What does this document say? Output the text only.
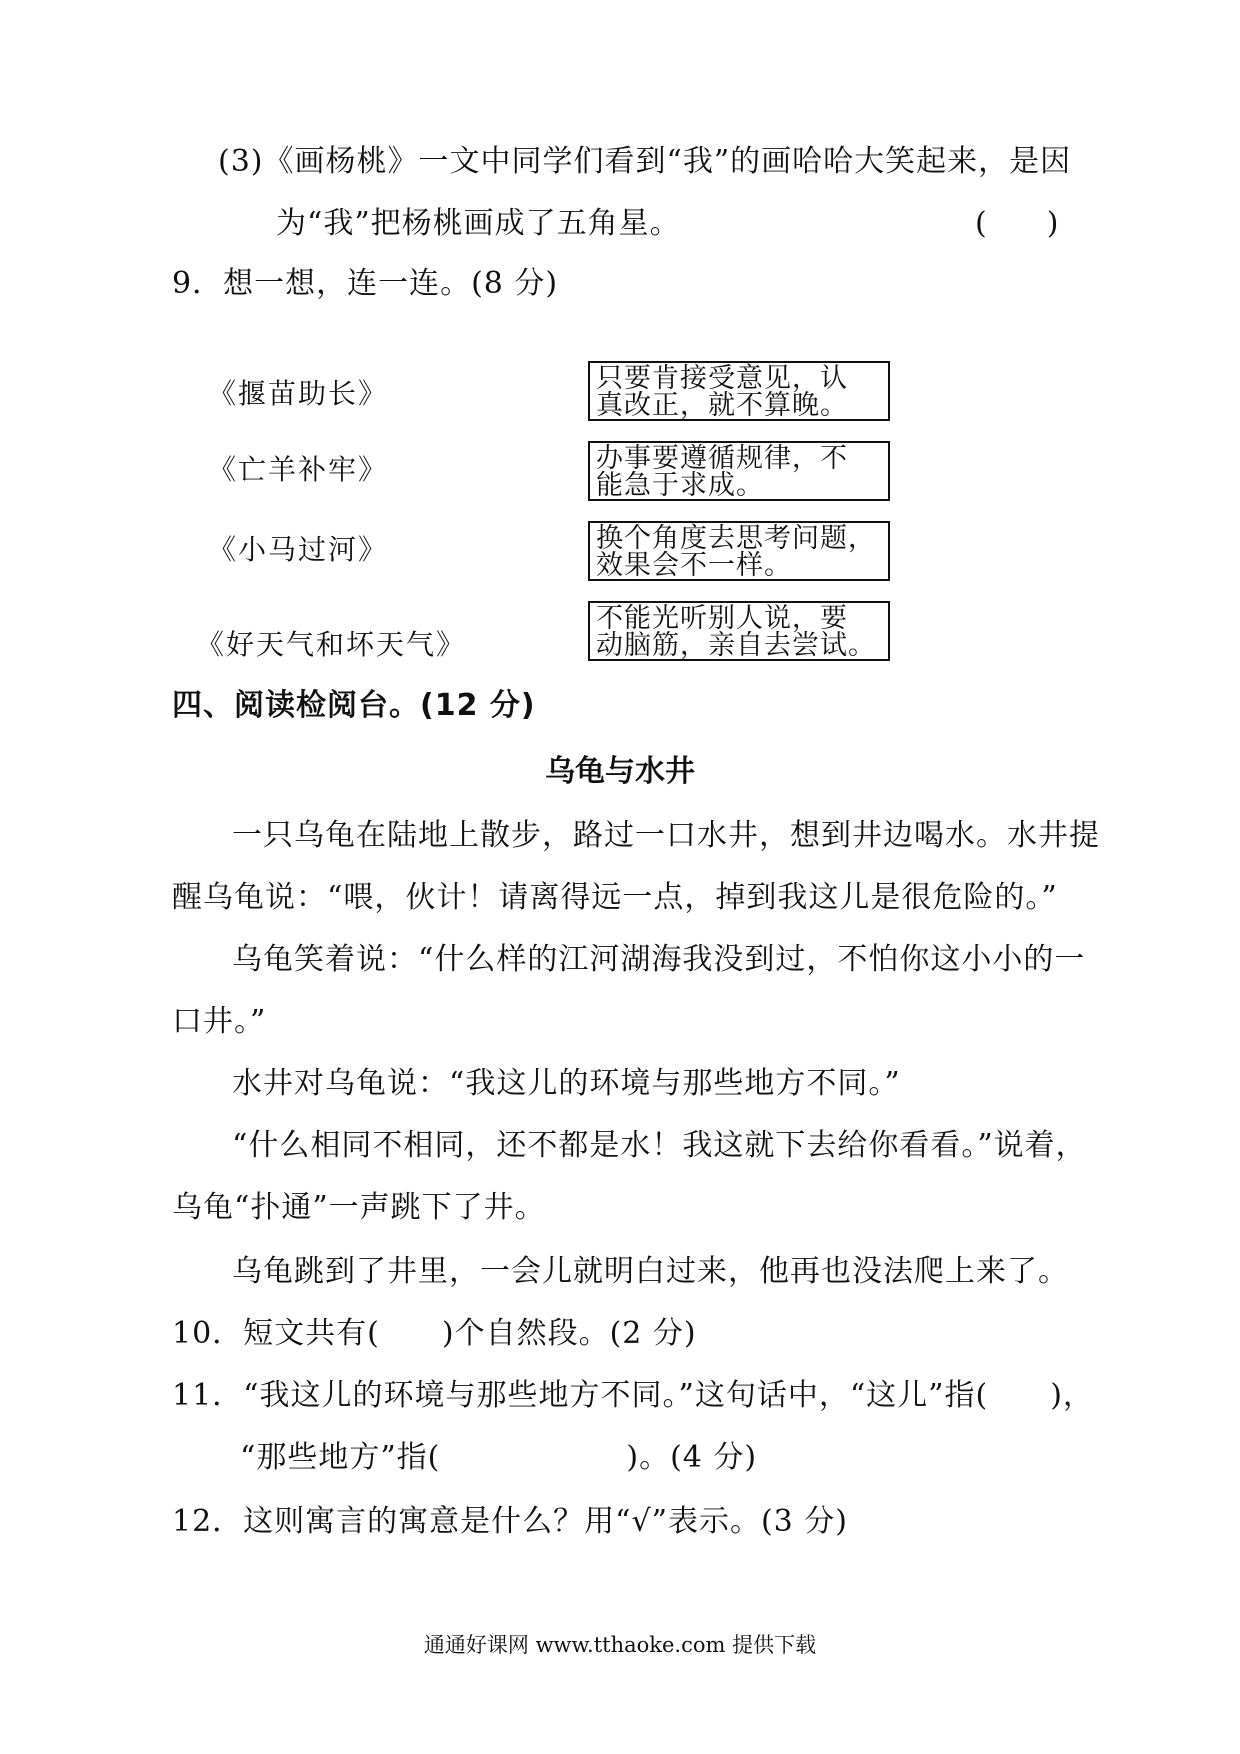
(3)《画杨桃》一文中同学们看到“我”的画哈哈大笑起来，是因
为“我”把杨桃画成了五角星。	(　　)
9．想一想，连一连。(8 分)
《揠苗助长》
《亡羊补牢》
《小马过河》
《好天气和坏天气》
只要肯接受意见，认
真改正，就不算晚。
办事要遵循规律，不
能急于求成。
换个角度去思考问题，
效果会不一样。
不能光听别人说，要
动脑筋，亲自去尝试。
四、阅读检阅台。(12 分)
乌龟与水井
一只乌龟在陆地上散步，路过一口水井，想到井边喝水。水井提
醒乌龟说：“喂，伙计！请离得远一点，掉到我这儿是很危险的。”
乌龟笑着说：“什么样的江河湖海我没到过，不怕你这小小的一
口井。”
水井对乌龟说：“我这儿的环境与那些地方不同。”
“什么相同不相同，还不都是水！我这就下去给你看看。”说着，
乌龟“扑通”一声跳下了井。
乌龟跳到了井里，一会儿就明白过来，他再也没法爬上来了。
10．短文共有(　　)个自然段。(2 分)
11．“我这儿的环境与那些地方不同。”这句话中，“这儿”指(　　)，
“那些地方”指(　　　　　　)。(4 分)
12．这则寓言的寓意是什么？用“√”表示。(3 分)
通通好课网 www.tthaoke.com 提供下载
